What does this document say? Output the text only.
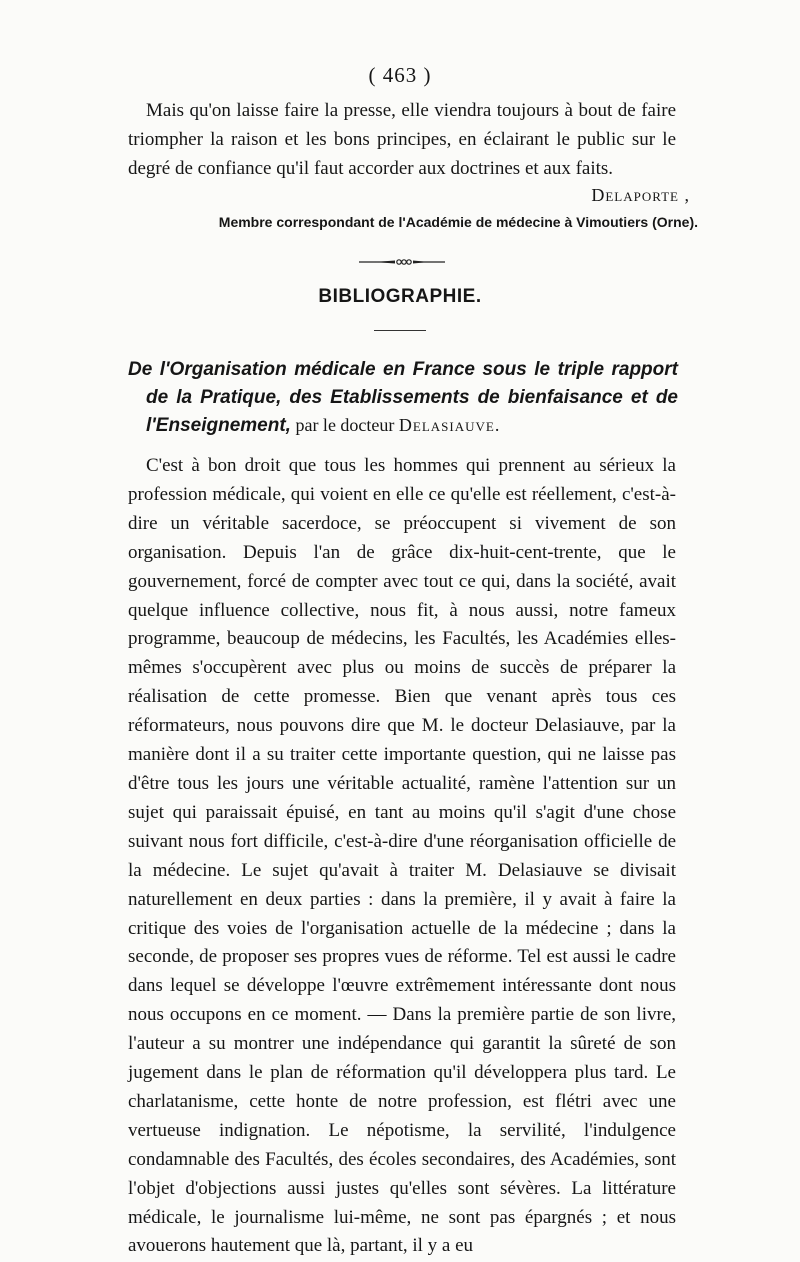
( 463 )

Mais qu'on laisse faire la presse, elle viendra toujours à bout de faire triompher la raison et les bons principes, en éclairant le public sur le degré de confiance qu'il faut accorder aux doctrines et aux faits.

Delaporte ,
Membre correspondant de l'Académie de médecine à Vimoutiers (Orne).
BIBLIOGRAPHIE.
De l'Organisation médicale en France sous le triple rapport de la Pratique, des Etablissements de bienfaisance et de l'Enseignement, par le docteur Delasiauve.

C'est à bon droit que tous les hommes qui prennent au sérieux la profession médicale, qui voient en elle ce qu'elle est réellement, c'est-à-dire un véritable sacerdoce, se préoccupent si vivement de son organisation. Depuis l'an de grâce dix-huit-cent-trente, que le gouvernement, forcé de compter avec tout ce qui, dans la société, avait quelque influence collective, nous fit, à nous aussi, notre fameux programme, beaucoup de médecins, les Facultés, les Académies elles-mêmes s'occupèrent avec plus ou moins de succès de préparer la réalisation de cette promesse. Bien que venant après tous ces réformateurs, nous pouvons dire que M. le docteur Delasiauve, par la manière dont il a su traiter cette importante question, qui ne laisse pas d'être tous les jours une véritable actualité, ramène l'attention sur un sujet qui paraissait épuisé, en tant au moins qu'il s'agit d'une chose suivant nous fort difficile, c'est-à-dire d'une réorganisation officielle de la médecine. Le sujet qu'avait à traiter M. Delasiauve se divisait naturellement en deux parties : dans la première, il y avait à faire la critique des voies de l'organisation actuelle de la médecine ; dans la seconde, de proposer ses propres vues de réforme. Tel est aussi le cadre dans lequel se développe l'œuvre extrêmement intéressante dont nous nous occupons en ce moment. — Dans la première partie de son livre, l'auteur a su montrer une indépendance qui garantit la sûreté de son jugement dans le plan de réformation qu'il développera plus tard. Le charlatanisme, cette honte de notre profession, est flétri avec une vertueuse indignation. Le népotisme, la servilité, l'indulgence condamnable des Facultés, des écoles secondaires, des Académies, sont l'objet d'objections aussi justes qu'elles sont sévères. La littérature médicale, le journalisme lui-même, ne sont pas épargnés ; et nous avouerons hautement que là, partant, il y a eu
